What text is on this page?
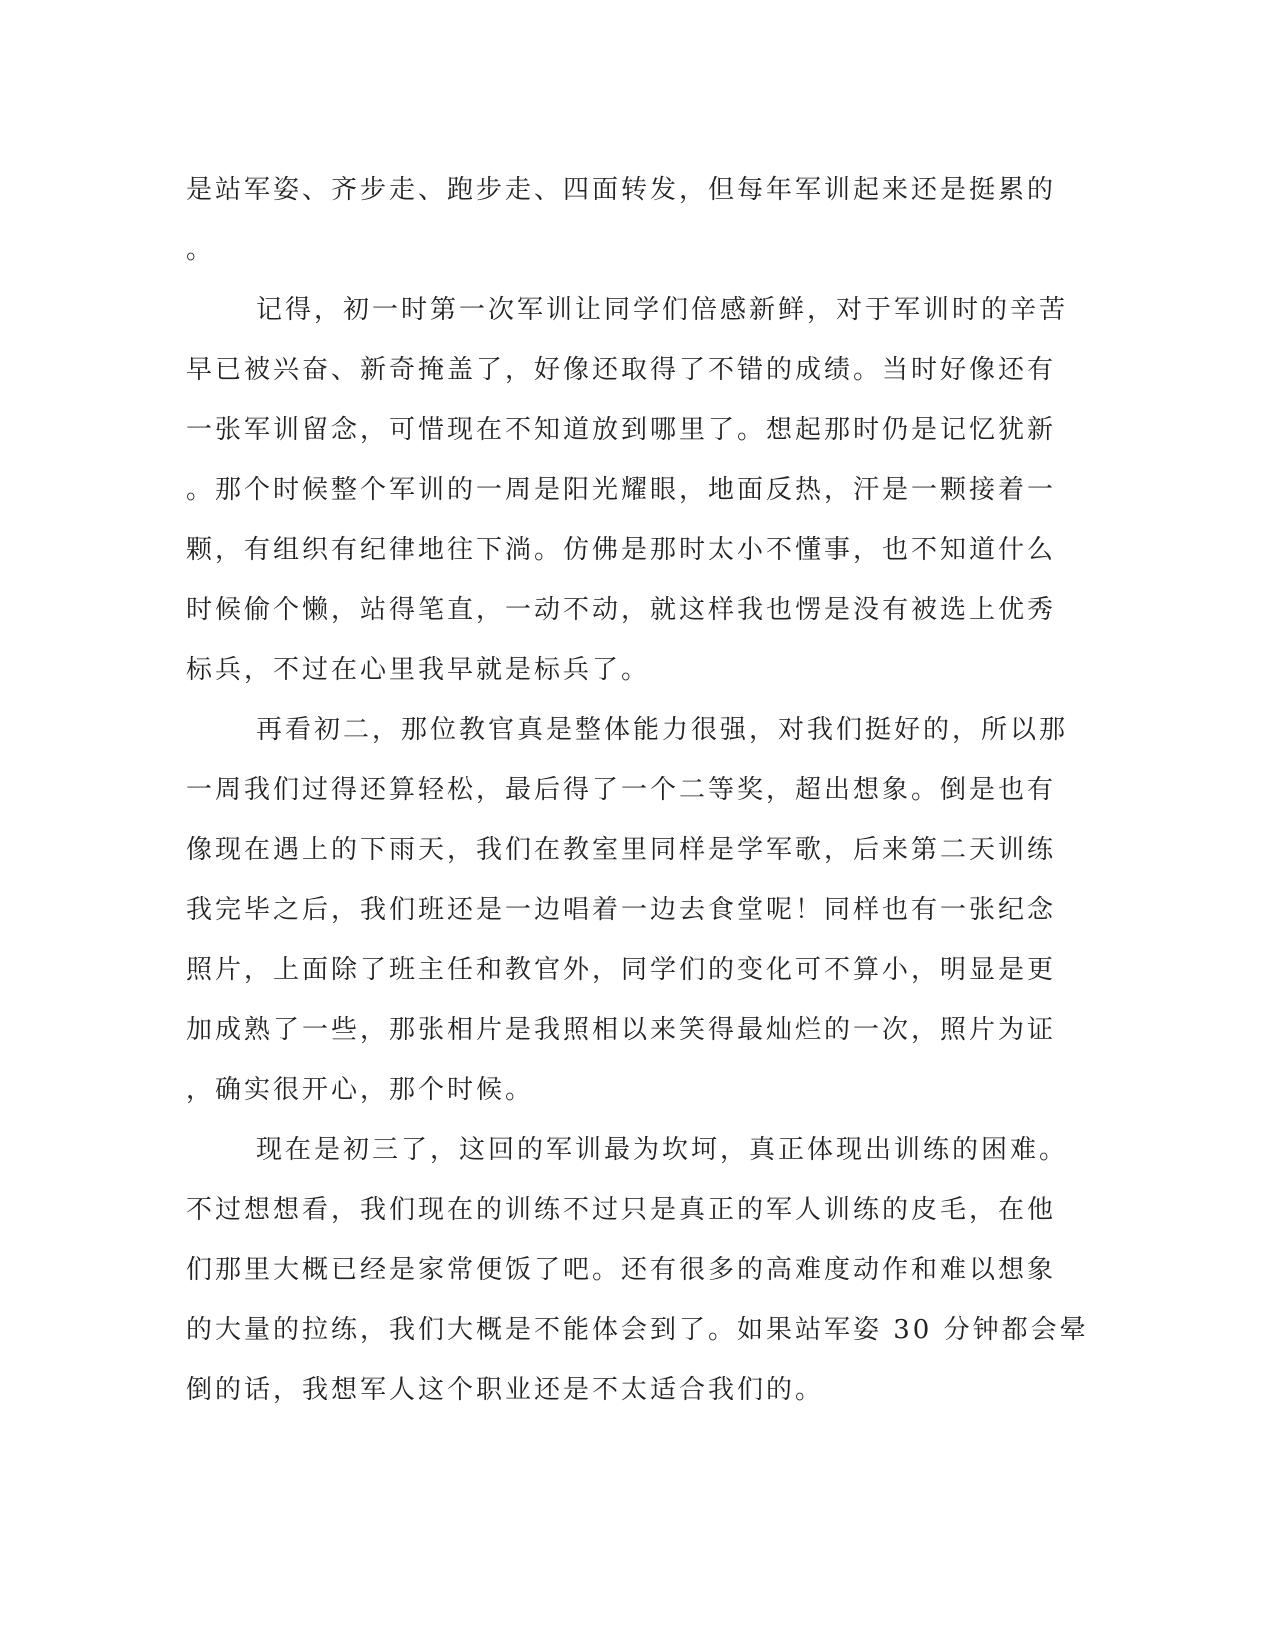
是站军姿、齐步走、跑步走、四面转发，但每年军训起来还是挺累的
。
记得，初一时第一次军训让同学们倍感新鲜，对于军训时的辛苦
早已被兴奋、新奇掩盖了，好像还取得了不错的成绩。当时好像还有
一张军训留念，可惜现在不知道放到哪里了。想起那时仍是记忆犹新
。那个时候整个军训的一周是阳光耀眼，地面反热，汗是一颗接着一
颗，有组织有纪律地往下淌。仿佛是那时太小不懂事，也不知道什么
时候偷个懒，站得笔直，一动不动，就这样我也愣是没有被选上优秀
标兵，不过在心里我早就是标兵了。
再看初二，那位教官真是整体能力很强，对我们挺好的，所以那
一周我们过得还算轻松，最后得了一个二等奖，超出想象。倒是也有
像现在遇上的下雨天，我们在教室里同样是学军歌，后来第二天训练
我完毕之后，我们班还是一边唱着一边去食堂呢！同样也有一张纪念
照片，上面除了班主任和教官外，同学们的变化可不算小，明显是更
加成熟了一些，那张相片是我照相以来笑得最灿烂的一次，照片为证
，确实很开心，那个时候。
现在是初三了，这回的军训最为坎坷，真正体现出训练的困难。
不过想想看，我们现在的训练不过只是真正的军人训练的皮毛，在他
们那里大概已经是家常便饭了吧。还有很多的高难度动作和难以想象
的大量的拉练，我们大概是不能体会到了。如果站军姿 30 分钟都会晕
倒的话，我想军人这个职业还是不太适合我们的。
